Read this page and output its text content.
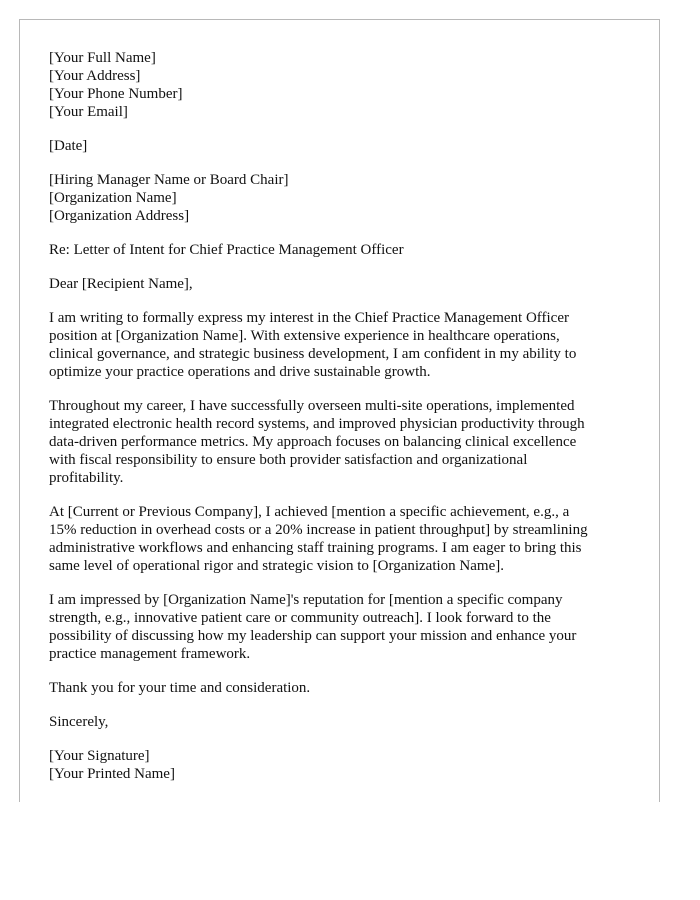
[Your Full Name]
[Your Address]
[Your Phone Number]
[Your Email]
[Date]
[Hiring Manager Name or Board Chair]
[Organization Name]
[Organization Address]
Re: Letter of Intent for Chief Practice Management Officer
Dear [Recipient Name],
I am writing to formally express my interest in the Chief Practice Management Officer
position at [Organization Name]. With extensive experience in healthcare operations,
clinical governance, and strategic business development, I am confident in my ability to
optimize your practice operations and drive sustainable growth.
Throughout my career, I have successfully overseen multi-site operations, implemented
integrated electronic health record systems, and improved physician productivity through
data-driven performance metrics. My approach focuses on balancing clinical excellence
with fiscal responsibility to ensure both provider satisfaction and organizational
profitability.
At [Current or Previous Company], I achieved [mention a specific achievement, e.g., a
15% reduction in overhead costs or a 20% increase in patient throughput] by streamlining
administrative workflows and enhancing staff training programs. I am eager to bring this
same level of operational rigor and strategic vision to [Organization Name].
I am impressed by [Organization Name]'s reputation for [mention a specific company
strength, e.g., innovative patient care or community outreach]. I look forward to the
possibility of discussing how my leadership can support your mission and enhance your
practice management framework.
Thank you for your time and consideration.
Sincerely,
[Your Signature]
[Your Printed Name]
